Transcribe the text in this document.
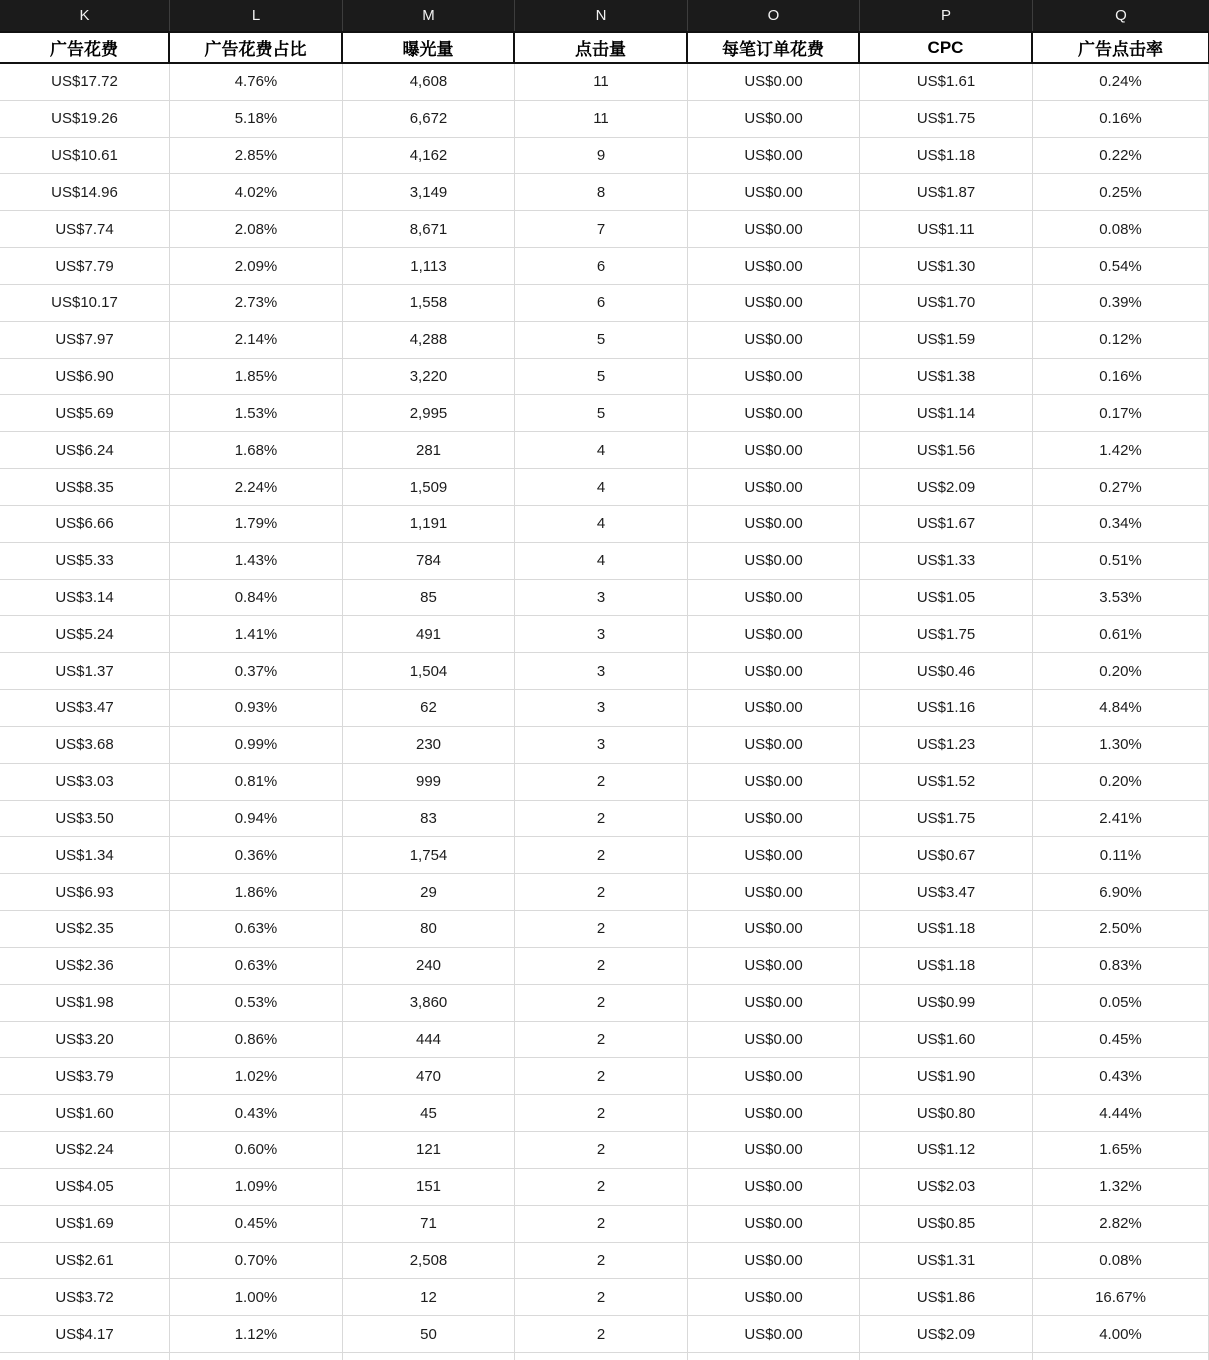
K	L	M	N	O	P	Q
广告花费	广告花费占比	曝光量	点击量	每笔订单花费	CPC	广告点击率
US$17.72	4.76%	4,608	11	US$0.00	US$1.61	0.24%
US$19.26	5.18%	6,672	11	US$0.00	US$1.75	0.16%
US$10.61	2.85%	4,162	9	US$0.00	US$1.18	0.22%
US$14.96	4.02%	3,149	8	US$0.00	US$1.87	0.25%
US$7.74	2.08%	8,671	7	US$0.00	US$1.11	0.08%
US$7.79	2.09%	1,113	6	US$0.00	US$1.30	0.54%
US$10.17	2.73%	1,558	6	US$0.00	US$1.70	0.39%
US$7.97	2.14%	4,288	5	US$0.00	US$1.59	0.12%
US$6.90	1.85%	3,220	5	US$0.00	US$1.38	0.16%
US$5.69	1.53%	2,995	5	US$0.00	US$1.14	0.17%
US$6.24	1.68%	281	4	US$0.00	US$1.56	1.42%
US$8.35	2.24%	1,509	4	US$0.00	US$2.09	0.27%
US$6.66	1.79%	1,191	4	US$0.00	US$1.67	0.34%
US$5.33	1.43%	784	4	US$0.00	US$1.33	0.51%
US$3.14	0.84%	85	3	US$0.00	US$1.05	3.53%
US$5.24	1.41%	491	3	US$0.00	US$1.75	0.61%
US$1.37	0.37%	1,504	3	US$0.00	US$0.46	0.20%
US$3.47	0.93%	62	3	US$0.00	US$1.16	4.84%
US$3.68	0.99%	230	3	US$0.00	US$1.23	1.30%
US$3.03	0.81%	999	2	US$0.00	US$1.52	0.20%
US$3.50	0.94%	83	2	US$0.00	US$1.75	2.41%
US$1.34	0.36%	1,754	2	US$0.00	US$0.67	0.11%
US$6.93	1.86%	29	2	US$0.00	US$3.47	6.90%
US$2.35	0.63%	80	2	US$0.00	US$1.18	2.50%
US$2.36	0.63%	240	2	US$0.00	US$1.18	0.83%
US$1.98	0.53%	3,860	2	US$0.00	US$0.99	0.05%
US$3.20	0.86%	444	2	US$0.00	US$1.60	0.45%
US$3.79	1.02%	470	2	US$0.00	US$1.90	0.43%
US$1.60	0.43%	45	2	US$0.00	US$0.80	4.44%
US$2.24	0.60%	121	2	US$0.00	US$1.12	1.65%
US$4.05	1.09%	151	2	US$0.00	US$2.03	1.32%
US$1.69	0.45%	71	2	US$0.00	US$0.85	2.82%
US$2.61	0.70%	2,508	2	US$0.00	US$1.31	0.08%
US$3.72	1.00%	12	2	US$0.00	US$1.86	16.67%
US$4.17	1.12%	50	2	US$0.00	US$2.09	4.00%
